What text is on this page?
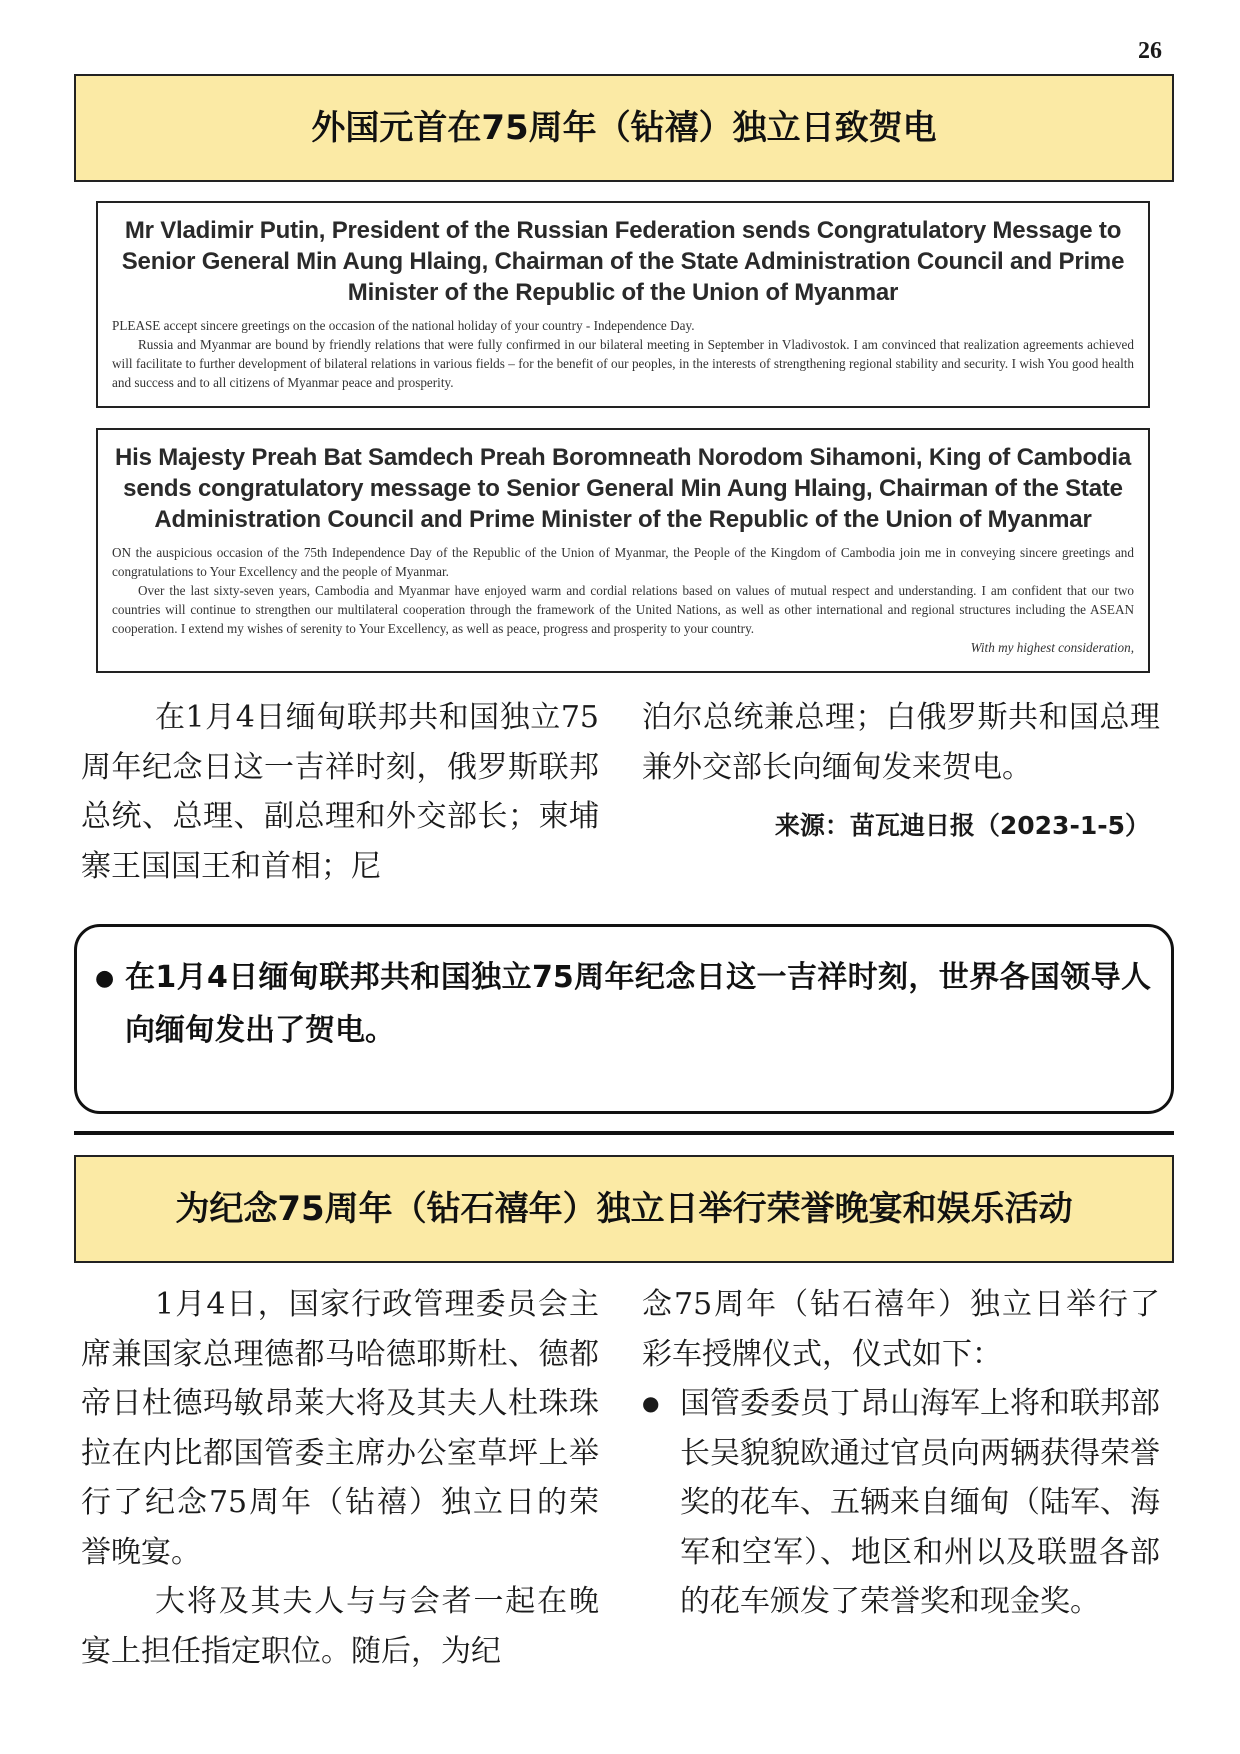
26
外国元首在75周年（钻禧）独立日致贺电
Mr Vladimir Putin, President of the Russian Federation sends Congratulatory Message to Senior General Min Aung Hlaing, Chairman of the State Administration Council and Prime Minister of the Republic of the Union of Myanmar

PLEASE accept sincere greetings on the occasion of the national holiday of your country - Independence Day.

Russia and Myanmar are bound by friendly relations that were fully confirmed in our bilateral meeting in September in Vladivostok. I am convinced that realization agreements achieved will facilitate to further development of bilateral relations in various fields – for the benefit of our peoples, in the interests of strengthening regional stability and security. I wish You good health and success and to all citizens of Myanmar peace and prosperity.

His Majesty Preah Bat Samdech Preah Boromneath Norodom Sihamoni, King of Cambodia sends congratulatory message to Senior General Min Aung Hlaing, Chairman of the State Administration Council and Prime Minister of the Republic of the Union of Myanmar

ON the auspicious occasion of the 75th Independence Day of the Republic of the Union of Myanmar, the People of the Kingdom of Cambodia join me in conveying sincere greetings and congratulations to Your Excellency and the people of Myanmar.

Over the last sixty-seven years, Cambodia and Myanmar have enjoyed warm and cordial relations based on values of mutual respect and understanding. I am confident that our two countries will continue to strengthen our multilateral cooperation through the framework of the United Nations, as well as other international and regional structures including the ASEAN cooperation. I extend my wishes of serenity to Your Excellency, as well as peace, progress and prosperity to your country.

With my highest consideration,

在1月4日缅甸联邦共和国独立75周年纪念日这一吉祥时刻，俄罗斯联邦总统、总理、副总理和外交部长；柬埔寨王国国王和首相；尼

泊尔总统兼总理；白俄罗斯共和国总理兼外交部长向缅甸发来贺电。

来源：苗瓦迪日报（2023-1-5）
● 在1月4日缅甸联邦共和国独立75周年纪念日这一吉祥时刻，世界各国领导人向缅甸发出了贺电。
为纪念75周年（钻石禧年）独立日举行荣誉晚宴和娱乐活动

1月4日，国家行政管理委员会主席兼国家总理德都马哈德耶斯杜、德都帝日杜德玛敏昂莱大将及其夫人杜珠珠拉在内比都国管委主席办公室草坪上举行了纪念75周年（钻禧）独立日的荣誉晚宴。

大将及其夫人与与会者一起在晚宴上担任指定职位。随后，为纪

念75周年（钻石禧年）独立日举行了彩车授牌仪式，仪式如下：

● 国管委委员丁昂山海军上将和联邦部长吴貌貌欧通过官员向两辆获得荣誉奖的花车、五辆来自缅甸（陆军、海军和空军）、地区和州以及联盟各部的花车颁发了荣誉奖和现金奖。
